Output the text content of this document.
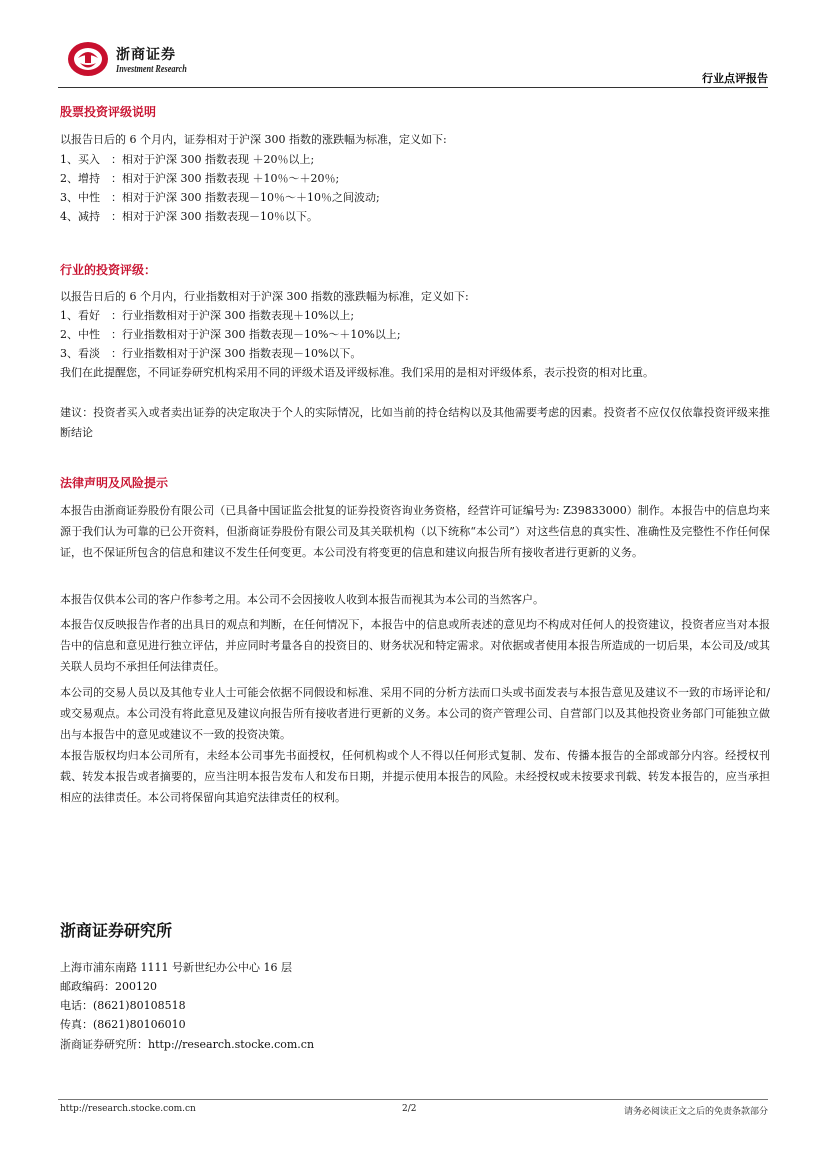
浙商证券
Investment Research
行业点评报告
股票投资评级说明
以报告日后的 6 个月内，证券相对于沪深 300 指数的涨跌幅为标准，定义如下:
1、买入　：相对于沪深 300 指数表现 ＋20％以上;
2、增持　：相对于沪深 300 指数表现 ＋10％～＋20％;
3、中性　：相对于沪深 300 指数表现－10％～＋10％之间波动;
4、减持　：相对于沪深 300 指数表现－10％以下。
行业的投资评级：
以报告日后的 6 个月内，行业指数相对于沪深 300 指数的涨跌幅为标准，定义如下:
1、看好　：行业指数相对于沪深 300 指数表现＋10%以上;
2、中性　：行业指数相对于沪深 300 指数表现－10%～＋10%以上;
3、看淡　：行业指数相对于沪深 300 指数表现－10%以下。
我们在此提醒您，不同证券研究机构采用不同的评级术语及评级标准。我们采用的是相对评级体系，表示投资的相对比重。
建议：投资者买入或者卖出证券的决定取决于个人的实际情况，比如当前的持仓结构以及其他需要考虑的因素。投资者不应仅仅依靠投资评级来推断结论
法律声明及风险提示
本报告由浙商证券股份有限公司（已具备中国证监会批复的证券投资咨询业务资格，经营许可证编号为: Z39833000）制作。本报告中的信息均来源于我们认为可靠的已公开资料，但浙商证券股份有限公司及其关联机构（以下统称“本公司”）对这些信息的真实性、准确性及完整性不作任何保证，也不保证所包含的信息和建议不发生任何变更。本公司没有将变更的信息和建议向报告所有接收者进行更新的义务。
本报告仅供本公司的客户作参考之用。本公司不会因接收人收到本报告而视其为本公司的当然客户。
本报告仅反映报告作者的出具日的观点和判断，在任何情况下，本报告中的信息或所表述的意见均不构成对任何人的投资建议，投资者应当对本报告中的信息和意见进行独立评估，并应同时考量各自的投资目的、财务状况和特定需求。对依据或者使用本报告所造成的一切后果，本公司及/或其关联人员均不承担任何法律责任。
本公司的交易人员以及其他专业人士可能会依据不同假设和标准、采用不同的分析方法而口头或书面发表与本报告意见及建议不一致的市场评论和/或交易观点。本公司没有将此意见及建议向报告所有接收者进行更新的义务。本公司的资产管理公司、自营部门以及其他投资业务部门可能独立做出与本报告中的意见或建议不一致的投资决策。
本报告版权均归本公司所有，未经本公司事先书面授权，任何机构或个人不得以任何形式复制、发布、传播本报告的全部或部分内容。经授权刊载、转发本报告或者摘要的，应当注明本报告发布人和发布日期，并提示使用本报告的风险。未经授权或未按要求刊载、转发本报告的，应当承担相应的法律责任。本公司将保留向其追究法律责任的权利。
浙商证券研究所
上海市浦东南路 1111 号新世纪办公中心 16 层
邮政编码：200120
电话：(8621)80108518
传真：(8621)80106010
浙商证券研究所：http://research.stocke.com.cn
http://research.stocke.com.cn	2/2	请务必阅读正文之后的免责条款部分
